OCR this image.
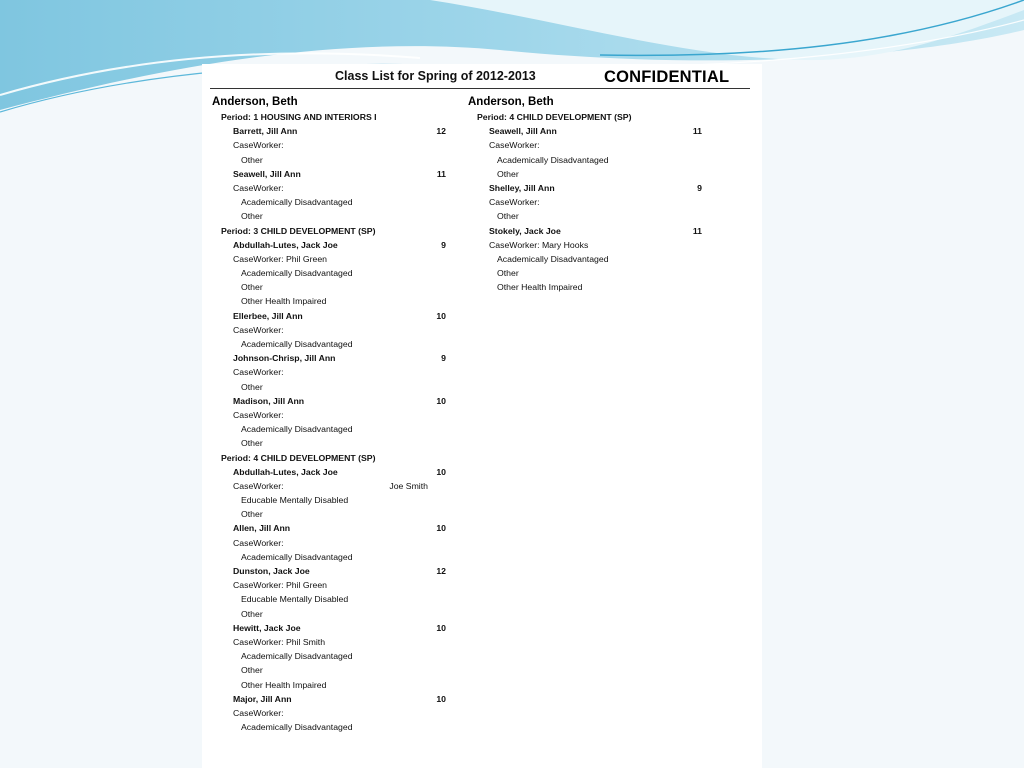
Class List for Spring of 2012-2013	CONFIDENTIAL
Anderson, Beth
Period: 1 HOUSING AND INTERIORS I
Barrett, Jill Ann	12
CaseWorker:
Other
Seawell, Jill Ann	11
CaseWorker:
Academically Disadvantaged
Other
Period: 3 CHILD DEVELOPMENT (SP)
Abdullah-Lutes, Jack Joe	9
CaseWorker: Phil Green
Academically Disadvantaged
Other
Other Health Impaired
Ellerbee, Jill Ann	10
CaseWorker:
Academically Disadvantaged
Johnson-Chrisp, Jill Ann	9
CaseWorker:
Other
Madison, Jill Ann	10
CaseWorker:
Academically Disadvantaged
Other
Period: 4 CHILD DEVELOPMENT (SP)
Abdullah-Lutes, Jack Joe	10
CaseWorker:	Joe Smith
Educable Mentally Disabled
Other
Allen, Jill Ann	10
CaseWorker:
Academically Disadvantaged
Dunston, Jack Joe	12
CaseWorker: Phil Green
Educable Mentally Disabled
Other
Hewitt, Jack Joe	10
CaseWorker: Phil Smith
Academically Disadvantaged
Other
Other Health Impaired
Major, Jill Ann	10
CaseWorker:
Academically Disadvantaged
Anderson, Beth
Period: 4 CHILD DEVELOPMENT (SP)
Seawell, Jill Ann	11
CaseWorker:
Academically Disadvantaged
Other
Shelley, Jill Ann	9
CaseWorker:
Other
Stokely, Jack Joe	11
CaseWorker: Mary Hooks
Academically Disadvantaged
Other
Other Health Impaired
